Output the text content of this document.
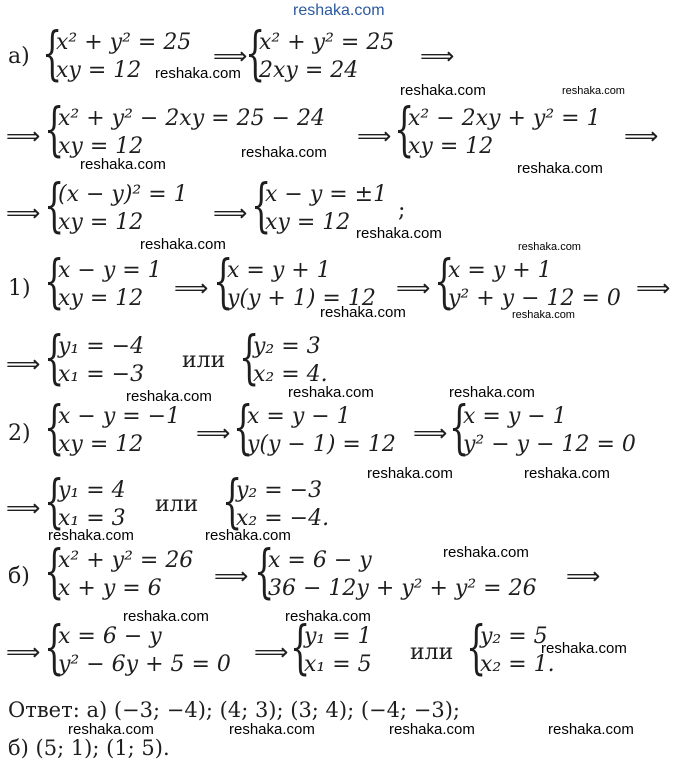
reshaka.com
reshaka.com
reshaka.com	reshaka.com
reshaka.com
reshaka.com
reshaka.com
reshaka.com
reshaka.com
reshaka.com
reshaka.com	reshaka.com
reshaka.com	reshaka.com	reshaka.com
reshaka.com	reshaka.com
reshaka.com	reshaka.com
reshaka.com
reshaka.com	reshaka.com
reshaka.com
reshaka.com	reshaka.com	reshaka.com	reshaka.com
а) {
x² + y² = 25
xy = 12
⟹
{
x² + y² = 25
2xy = 24
⟹
⟹ {
x² + y² − 2xy = 25 − 24
xy = 12	⟹ {
x² − 2xy + y² = 1
xy = 12	⟹
⟹ {
(x − y)² = 1
xy = 12	⟹ {
x − y = ±1
xy = 12 ;
1) {
x − y = 1
xy = 12 ⟹ {
x = y + 1
y(y + 1) = 12 ⟹ {
x = y + 1
y² + y − 12 = 0 ⟹
⟹ {
y₁ = −4
x₁ = −3
или {
y₂ = 3
x₂ = 4.
2) {
x − y = −1
xy = 12 ⟹ {
x = y − 1
y(y − 1) = 12 ⟹ {
x = y − 1
y² − y − 12 = 0
⟹ {
y₁ = 4
x₁ = 3
или {
y₂ = −3
x₂ = −4.
б) {
x² + y² = 26
x + y = 6 ⟹ {
x = 6 − y
36 − 12y + y² + y² = 26 ⟹
⟹ {
x = 6 − y
y² − 6y + 5 = 0 ⟹ {
y₁ = 1
x₁ = 5 или {
y₂ = 5
x₂ = 1.
Ответ: а) (−3; −4); (4; 3); (3; 4); (−4; −3);
б) (5; 1); (1; 5).
